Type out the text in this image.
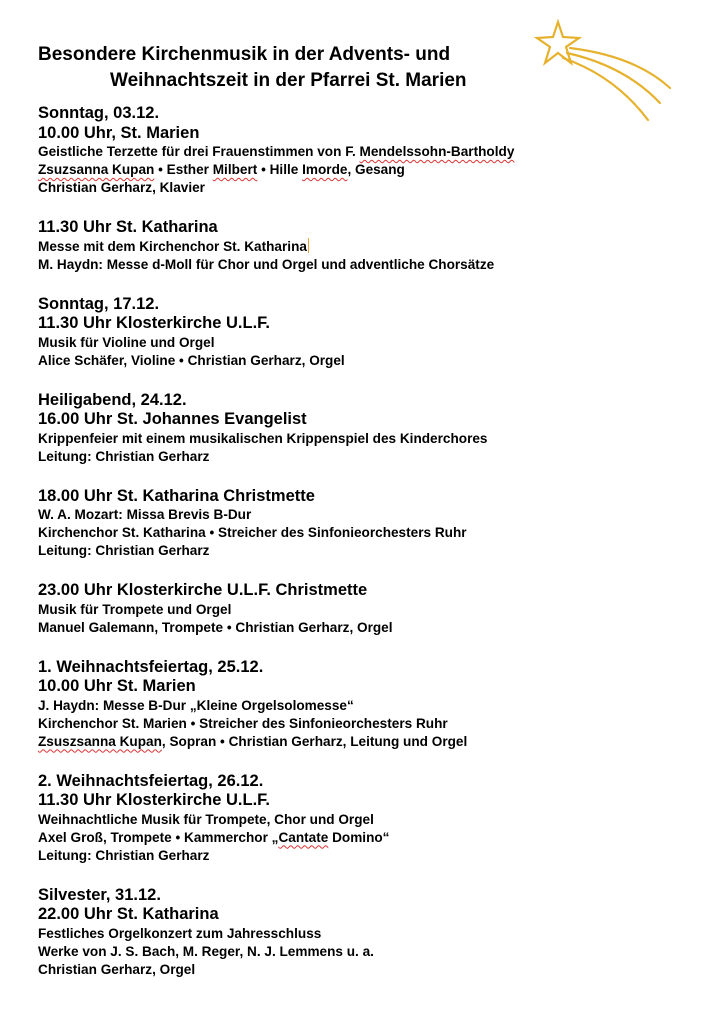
Besondere Kirchenmusik in der Advents- und
Weihnachtszeit in der Pfarrei St. Marien
Sonntag, 03.12.
10.00 Uhr, St. Marien
Geistliche Terzette für drei Frauenstimmen von F. Mendelssohn-Bartholdy
Zsuzsanna Kupan • Esther Milbert • Hille Imorde, Gesang
Christian Gerharz, Klavier
11.30 Uhr St. Katharina
Messe mit dem Kirchenchor St. Katharina
M. Haydn: Messe d-Moll für Chor und Orgel und adventliche Chorsätze
Sonntag, 17.12.
11.30 Uhr Klosterkirche U.L.F.
Musik für Violine und Orgel
Alice Schäfer, Violine • Christian Gerharz, Orgel
Heiligabend, 24.12.
16.00 Uhr St. Johannes Evangelist
Krippenfeier mit einem musikalischen Krippenspiel des Kinderchores
Leitung: Christian Gerharz
18.00 Uhr St. Katharina Christmette
W. A. Mozart: Missa Brevis B-Dur
Kirchenchor St. Katharina • Streicher des Sinfonieorchesters Ruhr
Leitung: Christian Gerharz
23.00 Uhr Klosterkirche U.L.F. Christmette
Musik für Trompete und Orgel
Manuel Galemann, Trompete • Christian Gerharz, Orgel
1. Weihnachtsfeiertag, 25.12.
10.00 Uhr St. Marien
J. Haydn: Messe B-Dur „Kleine Orgelsolomesse“
Kirchenchor St. Marien • Streicher des Sinfonieorchesters Ruhr
Zsuszsanna Kupan, Sopran • Christian Gerharz, Leitung und Orgel
2. Weihnachtsfeiertag, 26.12.
11.30 Uhr Klosterkirche U.L.F.
Weihnachtliche Musik für Trompete, Chor und Orgel
Axel Groß, Trompete • Kammerchor „Cantate Domino“
Leitung: Christian Gerharz
Silvester, 31.12.
22.00 Uhr St. Katharina
Festliches Orgelkonzert zum Jahresschluss
Werke von J. S. Bach, M. Reger, N. J. Lemmens u. a.
Christian Gerharz, Orgel
